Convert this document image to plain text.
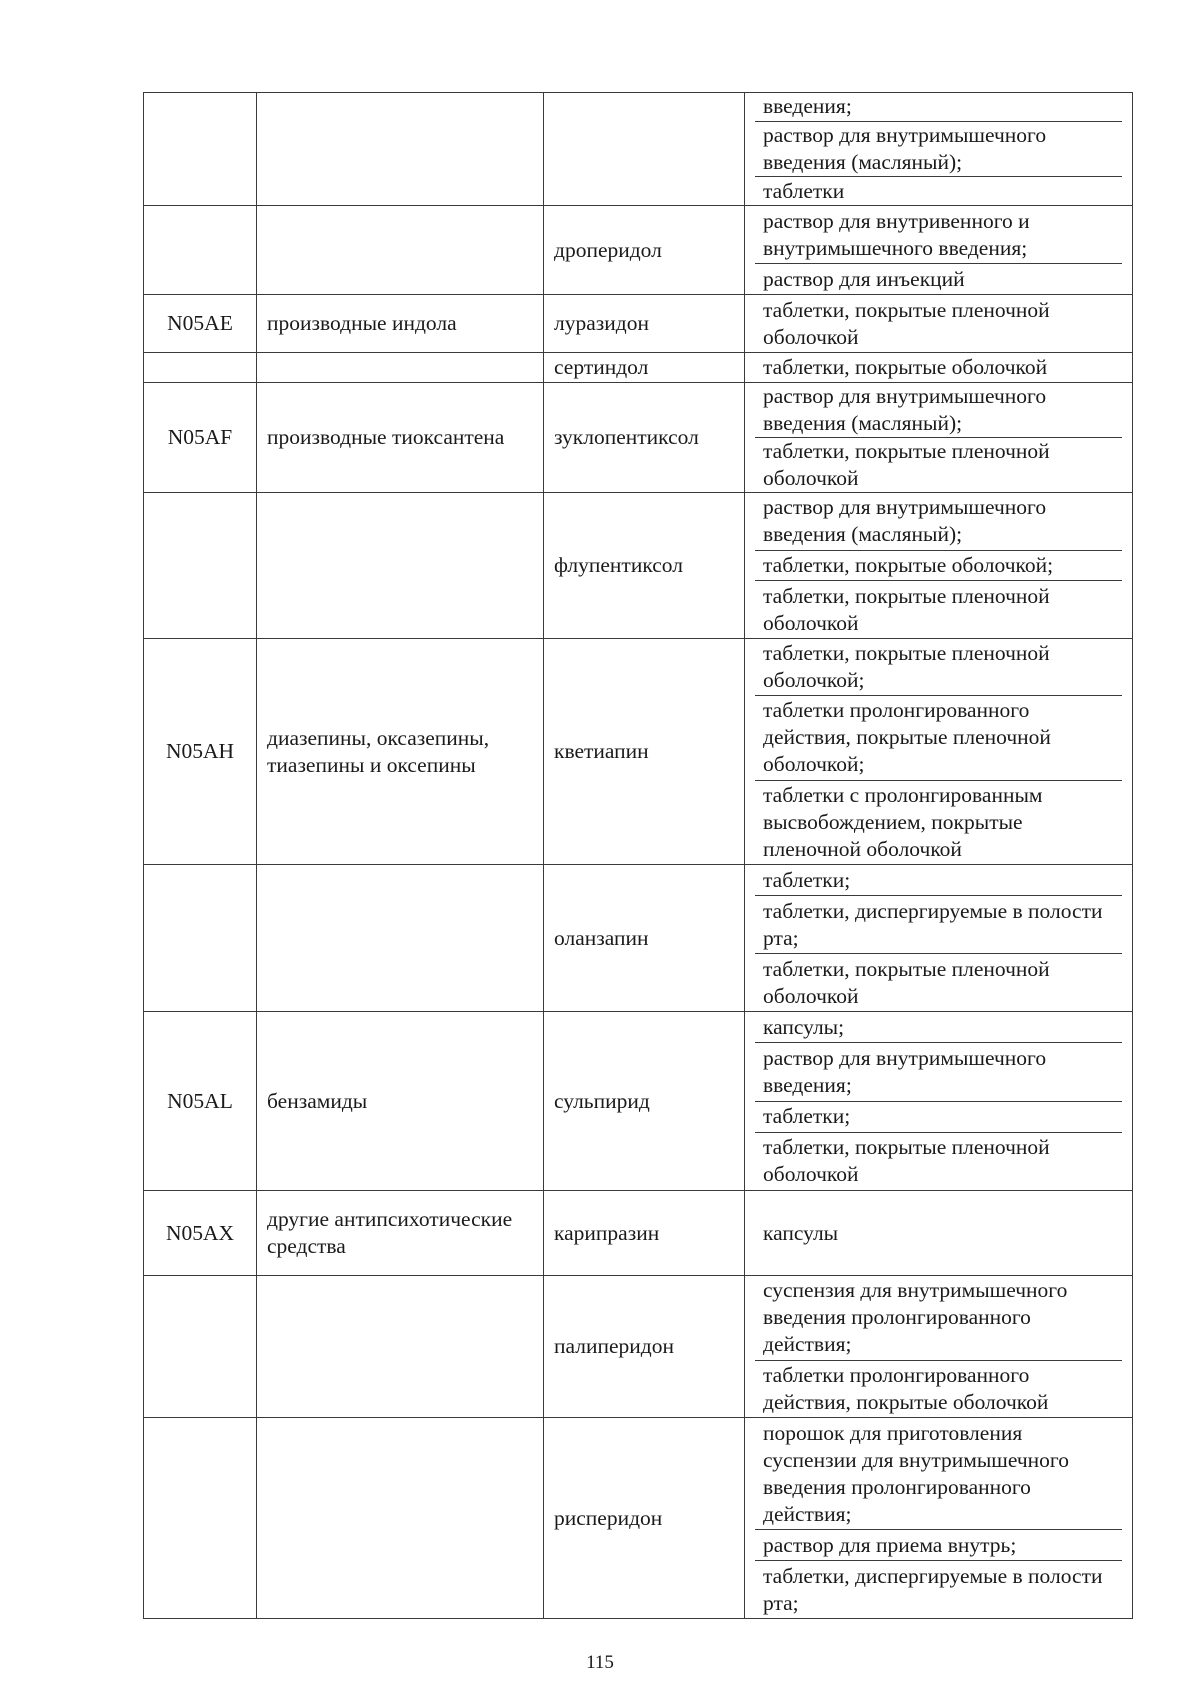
введения;
раствор для внутримышечного введения (масляный);
таблетки

		дроперидол	раствор для внутривенного и внутримышечного введения;
раствор для инъекций

N05AE	производные индола	луразидон	таблетки, покрытые пленочной оболочкой

		сертиндол	таблетки, покрытые оболочкой

N05AF	производные тиоксантена	зуклопентиксол	раствор для внутримышечного введения (масляный);
таблетки, покрытые пленочной оболочкой

		флупентиксол	раствор для внутримышечного введения (масляный);
таблетки, покрытые оболочкой;
таблетки, покрытые пленочной оболочкой

N05AH	диазепины, оксазепины, тиазепины и оксепины	кветиапин	таблетки, покрытые пленочной оболочкой;
таблетки пролонгированного действия, покрытые пленочной оболочкой;
таблетки с пролонгированным высвобождением, покрытые пленочной оболочкой

		оланзапин	таблетки;
таблетки, диспергируемые в полости рта;
таблетки, покрытые пленочной оболочкой

N05AL	бензамиды	сульпирид	капсулы;
раствор для внутримышечного введения;
таблетки;
таблетки, покрытые пленочной оболочкой

N05AX	другие антипсихотические средства	карипразин	капсулы

		палиперидон	суспензия для внутримышечного введения пролонгированного действия;
таблетки пролонгированного действия, покрытые оболочкой

		рисперидон	порошок для приготовления суспензии для внутримышечного введения пролонгированного действия;
раствор для приема внутрь;
таблетки, диспергируемые в полости рта;
115
